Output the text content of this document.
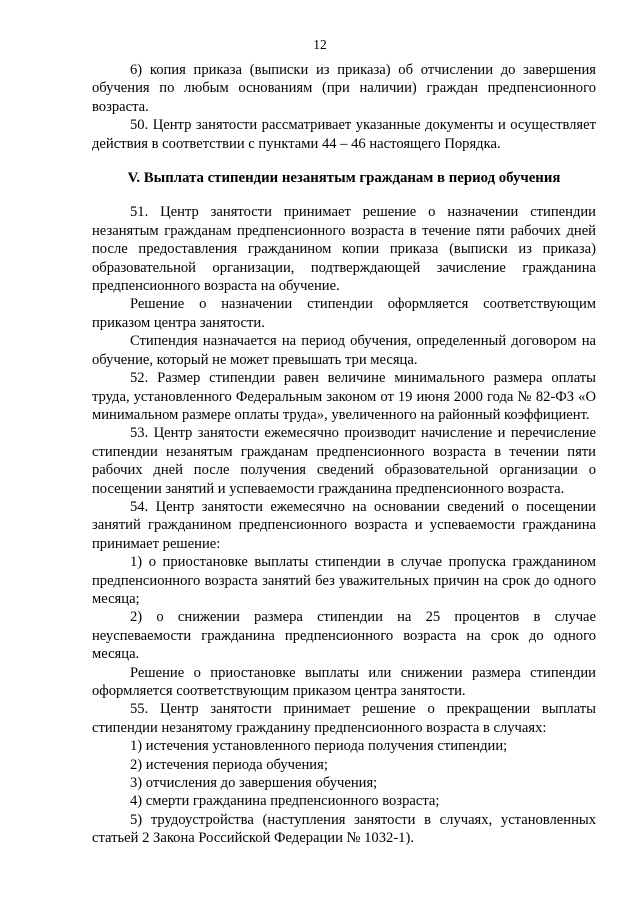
12

6) копия приказа (выписки из приказа) об отчислении до завершения обучения по любым основаниям (при наличии) граждан предпенсионного возраста.

50. Центр занятости рассматривает указанные документы и осуществляет действия в соответствии с пунктами 44 – 46 настоящего Порядка.

V. Выплата стипендии незанятым гражданам в период обучения

51. Центр занятости принимает решение о назначении стипендии незанятым гражданам предпенсионного возраста в течение пяти рабочих дней после предоставления гражданином копии приказа (выписки из приказа) образовательной организации, подтверждающей зачисление гражданина предпенсионного возраста на обучение.

Решение о назначении стипендии оформляется соответствующим приказом центра занятости.

Стипендия назначается на период обучения, определенный договором на обучение, который не может превышать три месяца.

52. Размер стипендии равен величине минимального размера оплаты труда, установленного Федеральным законом от 19 июня 2000 года № 82-ФЗ «О минимальном размере оплаты труда», увеличенного на районный коэффициент.

53. Центр занятости ежемесячно производит начисление и перечисление стипендии незанятым гражданам предпенсионного возраста в течении пяти рабочих дней после получения сведений образовательной организации о посещении занятий и успеваемости гражданина предпенсионного возраста.

54. Центр занятости ежемесячно на основании сведений о посещении занятий гражданином предпенсионного возраста и успеваемости гражданина принимает решение:

1) о приостановке выплаты стипендии в случае пропуска гражданином предпенсионного возраста занятий без уважительных причин на срок до одного месяца;

2) о снижении размера стипендии на 25 процентов в случае неуспеваемости гражданина предпенсионного возраста на срок до одного месяца.

Решение о приостановке выплаты или снижении размера стипендии оформляется соответствующим приказом центра занятости.

55. Центр занятости принимает решение о прекращении выплаты стипендии незанятому гражданину предпенсионного возраста в случаях:

1) истечения установленного периода получения стипендии;

2) истечения периода обучения;

3) отчисления до завершения обучения;

4) смерти гражданина предпенсионного возраста;

5) трудоустройства (наступления занятости в случаях, установленных статьей 2 Закона Российской Федерации № 1032-1).
